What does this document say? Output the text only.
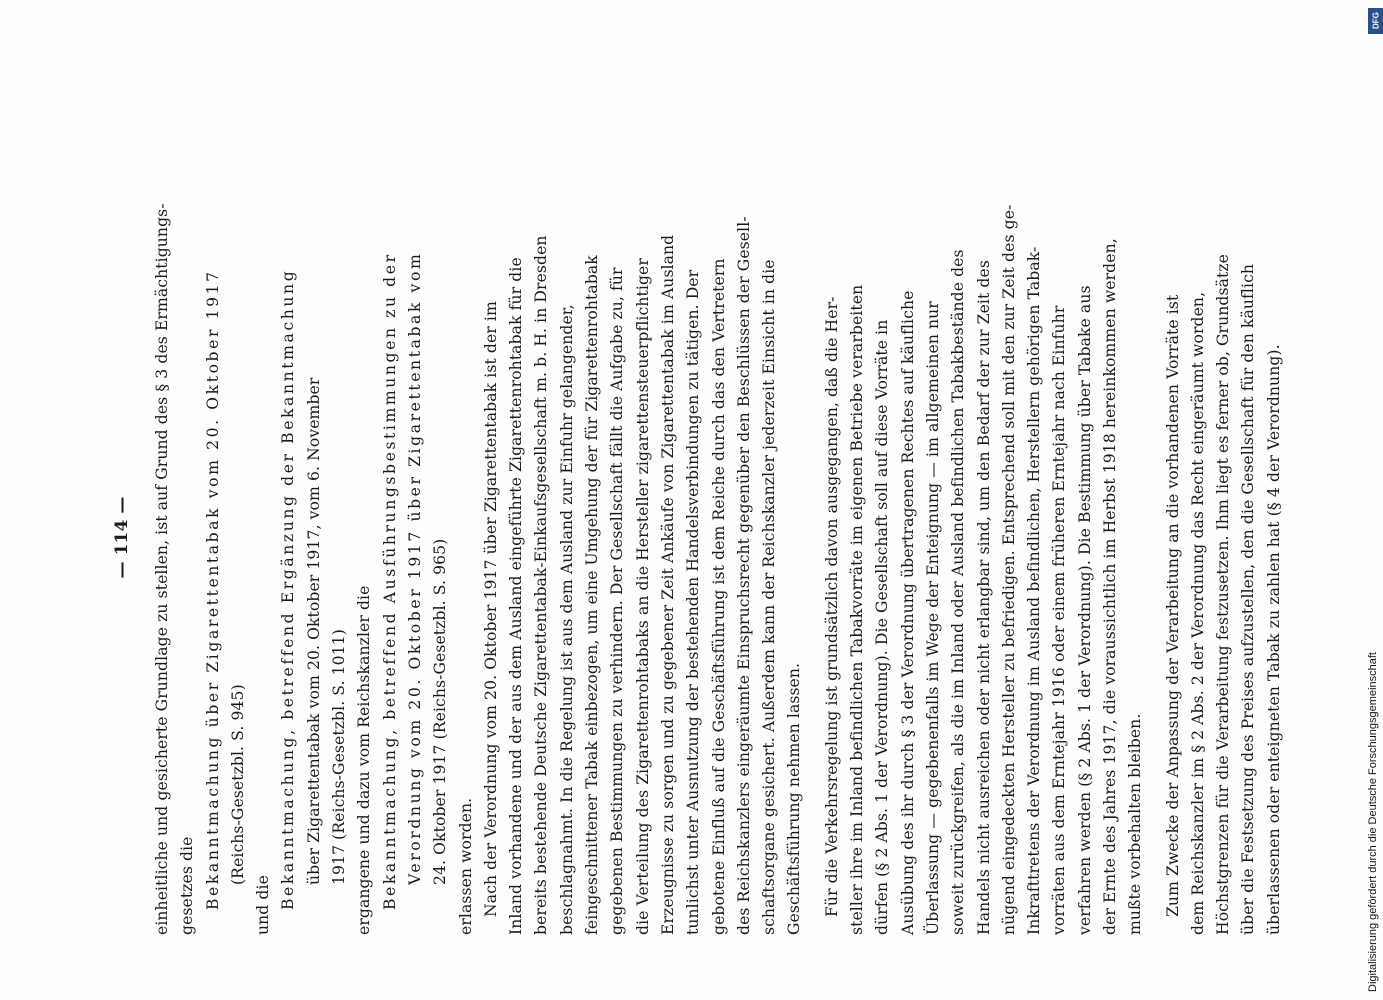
— 114 — einheitliche und gesicherte Grundlage zu stellen, ist auf Grund des § 3 des Ermächtigungs- gesetzes die Bekanntmachung über Zigarettentabak vom 20. Oktober 1917 (Reichs-Gesetzbl. S. 945)
und die Bekanntmachung, betreffend Ergänzung der Bekanntmachung über Zigarettentabak vom 20. Oktober 1917, vom 6. November 1917 (Reichs-Gesetzbl. S. 1011) ergangene und dazu vom Reichskanzler die Bekanntmachung, betreffend Ausführungsbestimmungen zu der Verordnung vom 20. Oktober 1917 über Zigarettentabak vom 24. Oktober 1917 (Reichs-Gesetzbl. S. 965) erlassen worden. Nach der Verordnung vom 20. Oktober 1917 über Zigarettentabak ist der im Inland vorhandene und der aus dem Ausland eingeführte Zigarettenrohtabak für die bereits bestehende Deutsche Zigarettentabak-Einkaufsgesellschaft m. b. H. in Dresden beschlagnahmt. In die Regelung ist aus dem Ausland zur Einfuhr gelangender, feingeschnittener Tabak einbezogen, um eine Umgehung der für Zigarettenrohtabak gegebenen Bestimmungen zu verhindern. Der Gesellschaft fällt die Aufgabe zu, für die Verteilung des Zigarettenrohtabaks an die Hersteller zigarettensteuerpflichtiger Erzeugnisse zu sorgen und zu gegebener Zeit Ankäufe von Zigarettentabak im Ausland tunlichst unter Ausnutzung der bestehenden Handelsverbindungen zu tätigen. Der gebotene Einfluß auf die Geschäftsführung ist dem Reiche durch das den Vertretern des Reichskanzlers eingeräumte Einspruchsrecht gegenüber den Beschlüssen der Gesell- schaftsorgane gesichert. Außerdem kann der Reichskanzler jederzeit Einsicht in die Geschäftsführung nehmen lassen. Für die Verkehrsregelung ist grundsätzlich davon ausgegangen, daß die Her- steller ihre im Inland befindlichen Tabakvorräte im eigenen Betriebe verarbeiten dürfen (§ 2 Abs. 1 der Verordnung). Die Gesellschaft soll auf diese Vorräte in Ausübung des ihr durch § 3 der Verordnung übertragenen Rechtes auf käufliche Überlassung — gegebenenfalls im Wege der Enteignung — im allgemeinen nur soweit zurückgreifen, als die im Inland oder Ausland befindlichen Tabakbestände des Handels nicht ausreichen oder nicht erlangbar sind, um den Bedarf der zur Zeit des nügend eingedeckten Hersteller zu befriedigen. Entsprechend soll mit den zur Zeit des ge- Inkrafttretens der Verordnung im Ausland befindlichen, Herstellern gehörigen Tabak- vorräten aus dem Erntejahr 1916 oder einem früheren Erntejahr nach Einfuhr verfahren werden (§ 2 Abs. 1 der Verordnung). Die Bestimmung über Tabake aus der Ernte des Jahres 1917, die voraussichtlich im Herbst 1918 hereinkommen werden, mußte vorbehalten bleiben. Zum Zwecke der Anpassung der Verarbeitung an die vorhandenen Vorräte ist dem Reichskanzler im § 2 Abs. 2 der Verordnung das Recht eingeräumt worden, Höchstgrenzen für die Verarbeitung festzusetzen. Ihm liegt es ferner ob, Grundsätze über die Festsetzung des Preises aufzustellen, den die Gesellschaft für den käuflich überlassenen oder enteigneten Tabak zu zahlen hat (§ 4 der Verordnung).	Digitalisierung gefördert durch die Deutsche Forschungsgemeinschaft
DFG
